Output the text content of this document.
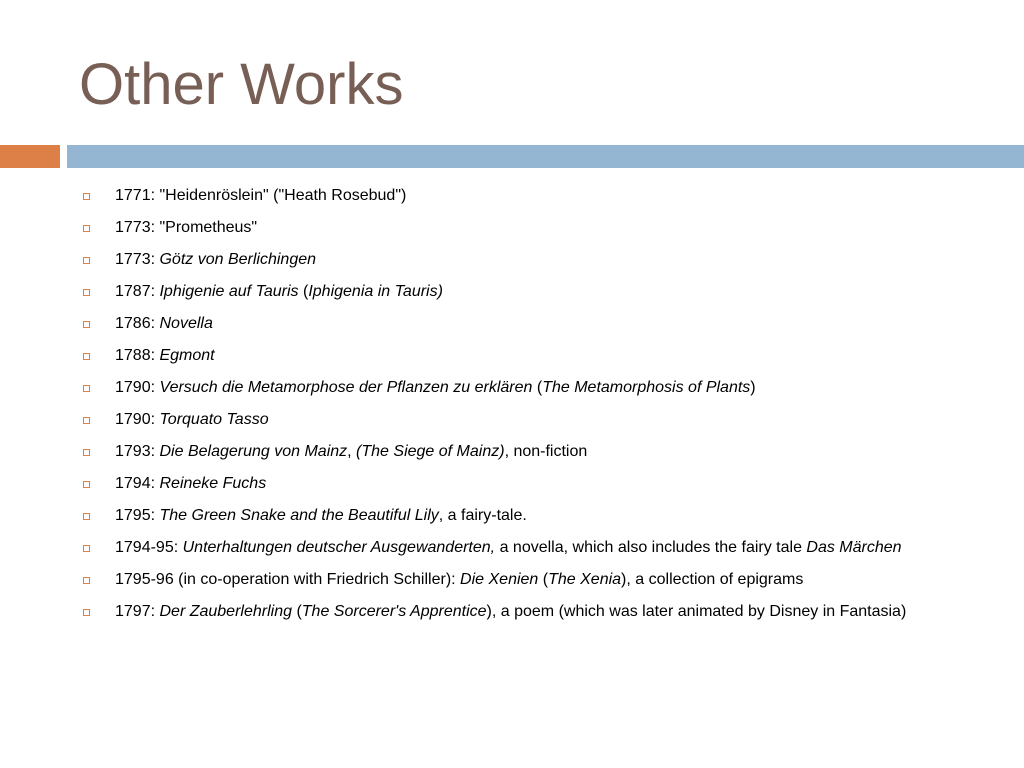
Other Works
1771: "Heidenröslein" ("Heath Rosebud")
1773: "Prometheus"
1773: Götz von Berlichingen
1787: Iphigenie auf Tauris (Iphigenia in Tauris)
1786: Novella
1788: Egmont
1790: Versuch die Metamorphose der Pflanzen zu erklären (The Metamorphosis of Plants)
1790: Torquato Tasso
1793: Die Belagerung von Mainz, (The Siege of Mainz), non-fiction
1794: Reineke Fuchs
1795: The Green Snake and the Beautiful Lily, a fairy-tale.
1794-95: Unterhaltungen deutscher Ausgewanderten, a novella, which also includes the fairy tale Das Märchen
1795-96 (in co-operation with Friedrich Schiller): Die Xenien (The Xenia), a collection of epigrams
1797: Der Zauberlehrling (The Sorcerer's Apprentice), a poem (which was later animated by Disney in Fantasia)
